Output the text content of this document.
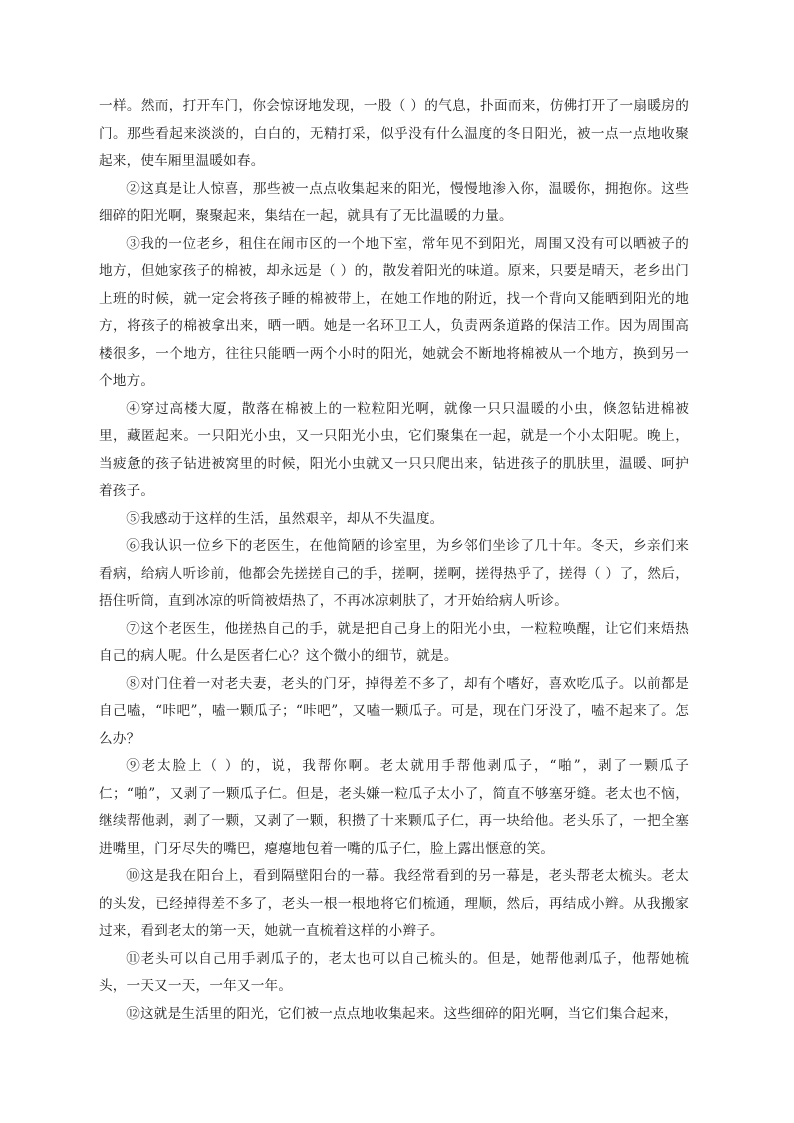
一样。然而，打开车门，你会惊讶地发现，一股（ ）的气息，扑面而来，仿佛打开了一扇暖房的门。那些看起来淡淡的，白白的，无精打采，似乎没有什么温度的冬日阳光，被一点一点地收聚起来，使车厢里温暖如春。

②这真是让人惊喜，那些被一点点收集起来的阳光，慢慢地渗入你，温暖你，拥抱你。这些细碎的阳光啊，聚聚起来，集结在一起，就具有了无比温暖的力量。

③我的一位老乡，租住在闹市区的一个地下室，常年见不到阳光，周围又没有可以晒被子的地方，但她家孩子的棉被，却永远是（ ）的，散发着阳光的味道。原来，只要是晴天，老乡出门上班的时候，就一定会将孩子睡的棉被带上，在她工作地的附近，找一个背向又能晒到阳光的地方，将孩子的棉被拿出来，晒一晒。她是一名环卫工人，负责两条道路的保洁工作。因为周围高楼很多，一个地方，往往只能晒一两个小时的阳光，她就会不断地将棉被从一个地方，换到另一个地方。

④穿过高楼大厦，散落在棉被上的一粒粒阳光啊，就像一只只温暖的小虫，倏忽钻进棉被里，藏匿起来。一只阳光小虫，又一只阳光小虫，它们聚集在一起，就是一个小太阳呢。晚上，当疲惫的孩子钻进被窝里的时候，阳光小虫就又一只只爬出来，钻进孩子的肌肤里，温暖、呵护着孩子。

⑤我感动于这样的生活，虽然艰辛，却从不失温度。

⑥我认识一位乡下的老医生，在他简陋的诊室里，为乡邻们坐诊了几十年。冬天，乡亲们来看病，给病人听诊前，他都会先搓搓自己的手，搓啊，搓啊，搓得热乎了，搓得（ ）了，然后，捂住听筒，直到冰凉的听筒被焐热了，不再冰凉刺肤了，才开始给病人听诊。

⑦这个老医生，他搓热自己的手，就是把自己身上的阳光小虫，一粒粒唤醒，让它们来焐热自己的病人呢。什么是医者仁心？这个微小的细节，就是。

⑧对门住着一对老夫妻，老头的门牙，掉得差不多了，却有个嗜好，喜欢吃瓜子。以前都是自己嗑，“咔吧”，嗑一颗瓜子；“咔吧”，又嗑一颗瓜子。可是，现在门牙没了，嗑不起来了。怎么办？

⑨老太脸上（ ）的，说，我帮你啊。老太就用手帮他剥瓜子，“啪”，剥了一颗瓜子仁；“啪”，又剥了一颗瓜子仁。但是，老头嫌一粒瓜子太小了，简直不够塞牙缝。老太也不恼，继续帮他剥，剥了一颗，又剥了一颗，积攒了十来颗瓜子仁，再一块给他。老头乐了，一把全塞进嘴里，门牙尽失的嘴巴，瘪瘪地包着一嘴的瓜子仁，脸上露出惬意的笑。

⑩这是我在阳台上，看到隔壁阳台的一幕。我经常看到的另一幕是，老头帮老太梳头。老太的头发，已经掉得差不多了，老头一根一根地将它们梳通，理顺，然后，再结成小辫。从我搬家过来，看到老太的第一天，她就一直梳着这样的小辫子。

⑪老头可以自己用手剥瓜子的，老太也可以自己梳头的。但是，她帮他剥瓜子，他帮她梳头，一天又一天，一年又一年。

⑫这就是生活里的阳光，它们被一点点地收集起来。这些细碎的阳光啊，当它们集合起来，
